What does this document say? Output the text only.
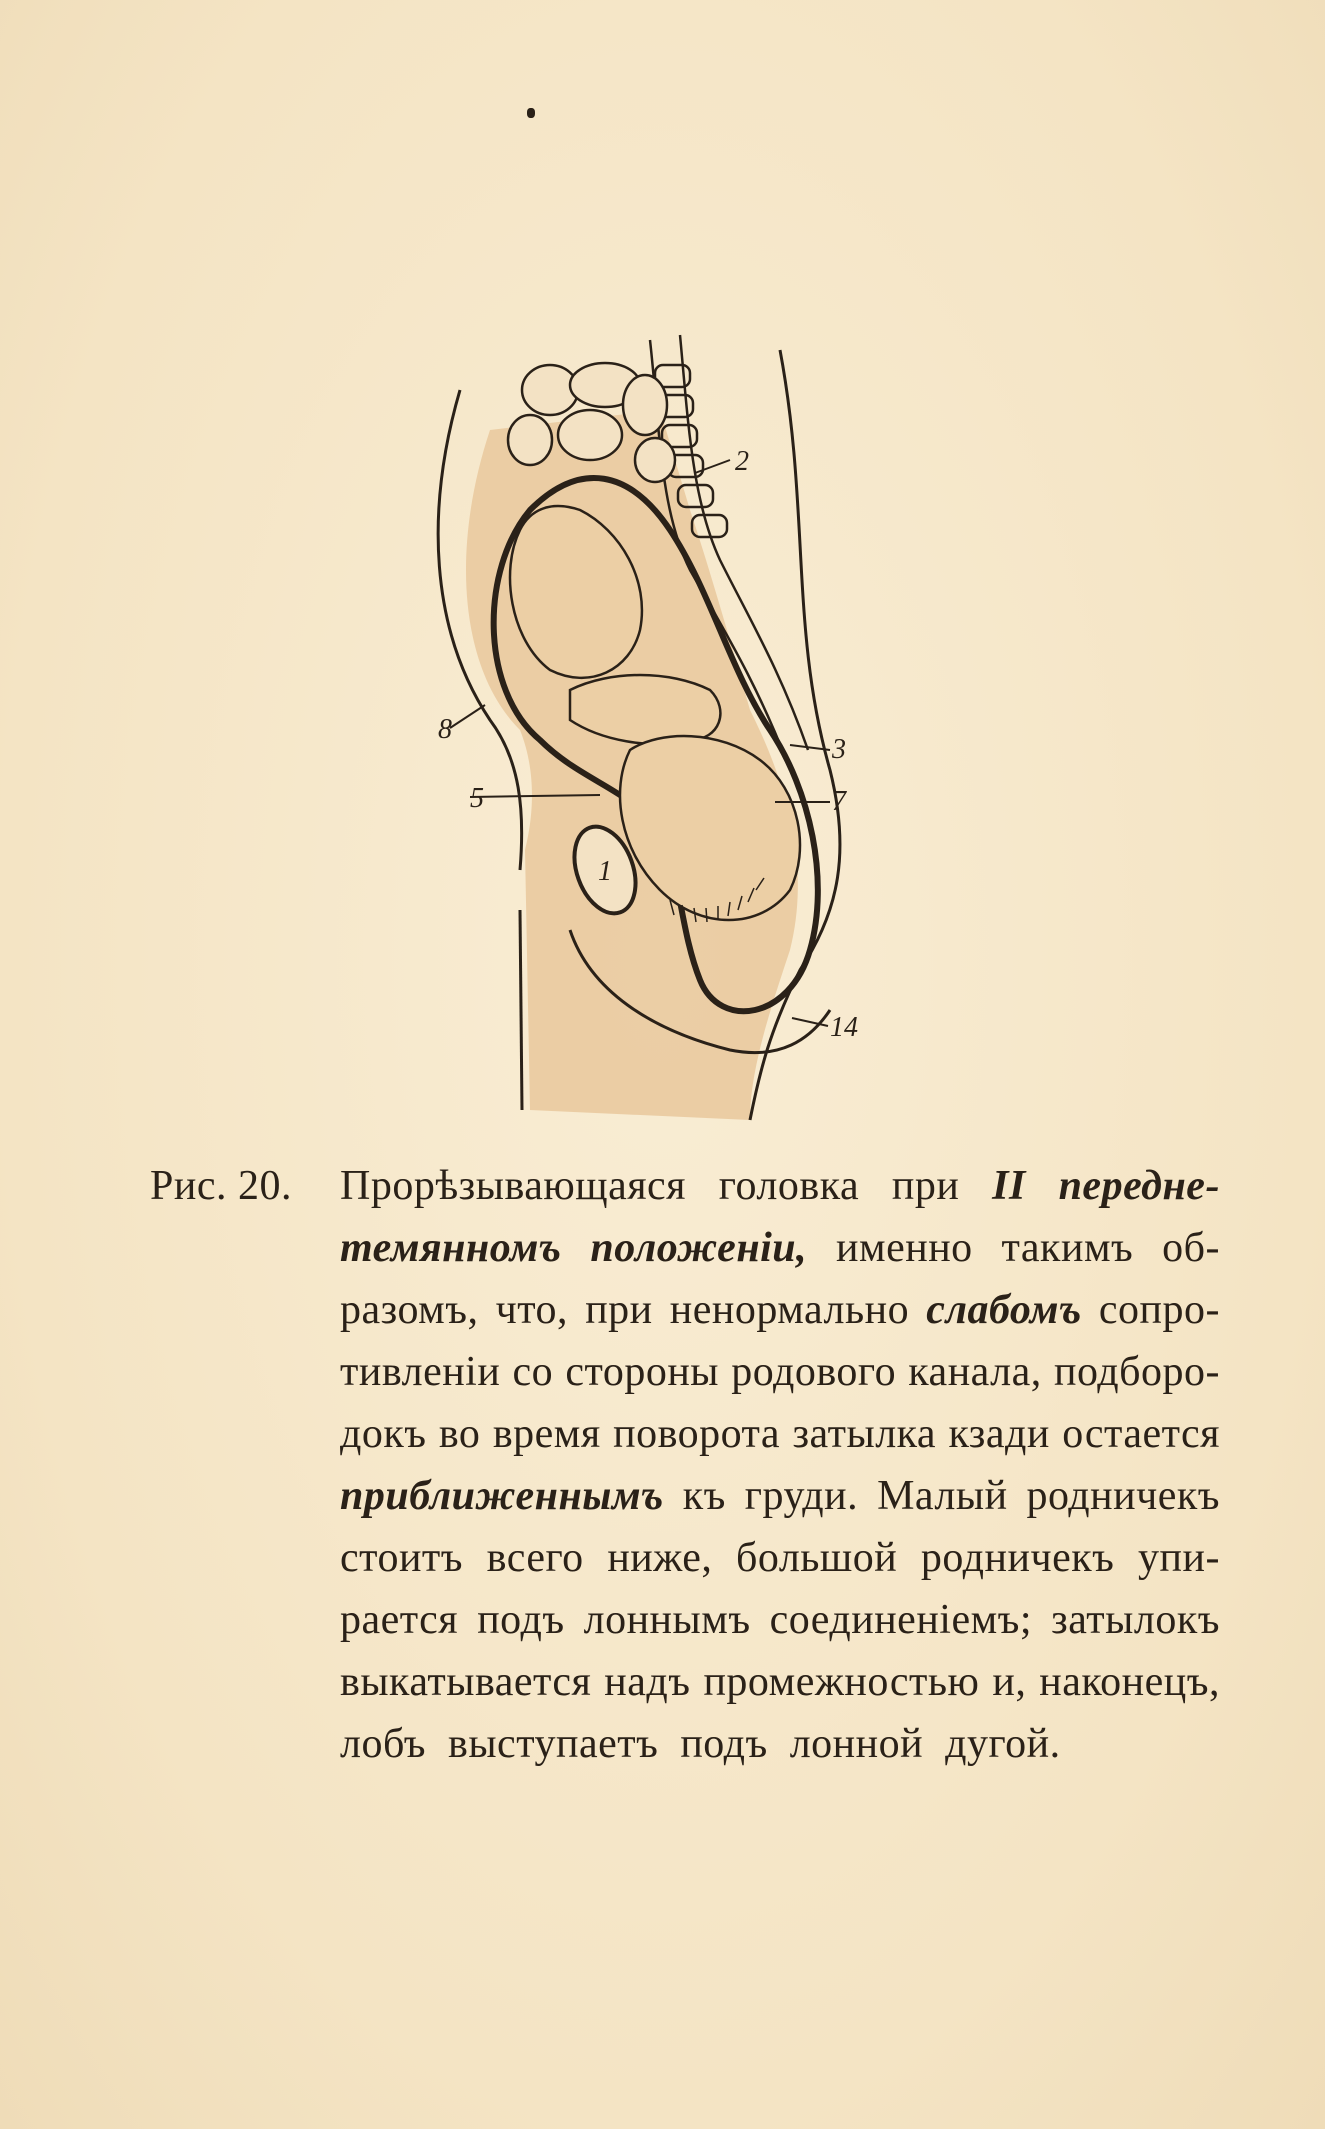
2
8
3
7
5
1
14
Рис. 20.	Прорѣзывающаяся головка при II передне-
темянномъ положеніи, именно такимъ об-
разомъ, что, при ненормально слабомъ сопро-
тивленіи со стороны родового канала, подборо-
докъ во время поворота затылка кзади остается
приближеннымъ къ груди. Малый родничекъ
стоитъ всего ниже, большой родничекъ упи-
рается подъ лоннымъ соединеніемъ; затылокъ
выкатывается надъ промежностью и, наконецъ,
лобъ выступаетъ подъ лонной дугой.
